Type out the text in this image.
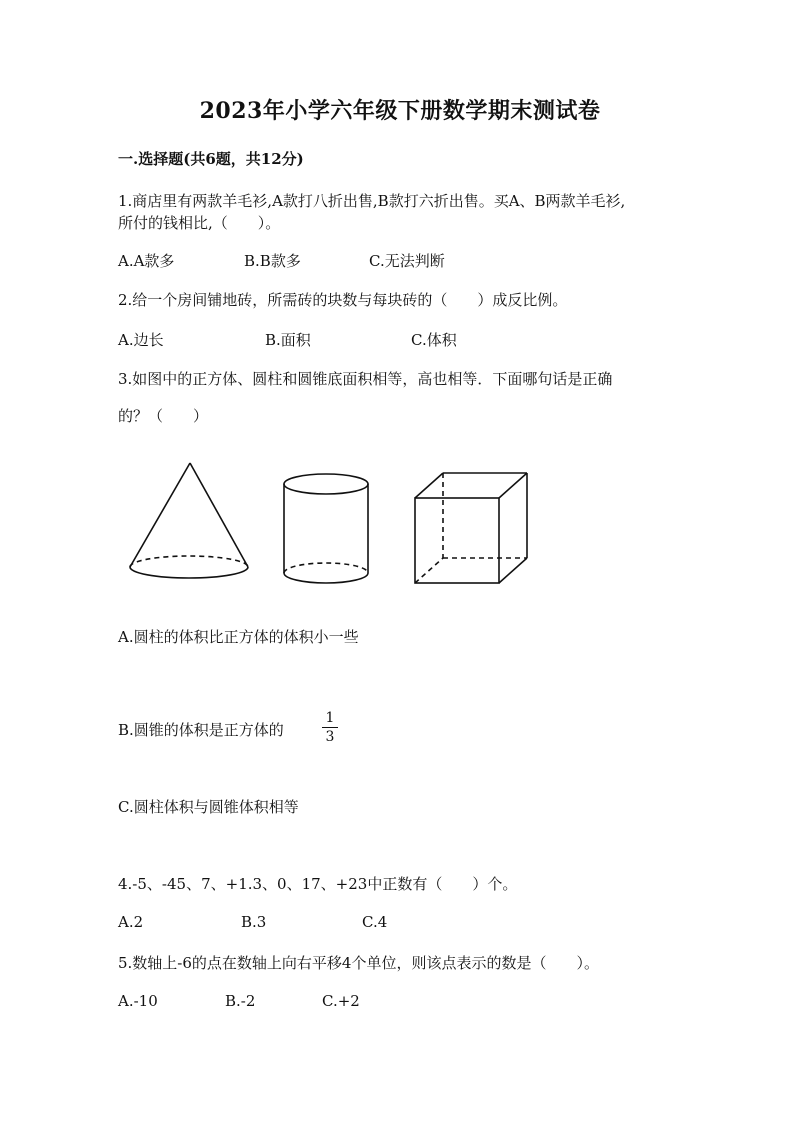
2023年小学六年级下册数学期末测试卷
一.选择题(共6题，共12分)
1.商店里有两款羊毛衫,A款打八折出售,B款打六折出售。买A、B两款羊毛衫,
所付的钱相比,（　　）。
A.A款多	B.B款多	C.无法判断
2.给一个房间铺地砖，所需砖的块数与每块砖的（　　）成反比例。
A.边长	B.面积	C.体积
3.如图中的正方体、圆柱和圆锥底面积相等，高也相等．下面哪句话是正确
的？（　　）
A.圆柱的体积比正方体的体积小一些
B.圆锥的体积是正方体的
1
3
C.圆柱体积与圆锥体积相等
4.-5、-45、7、+1.3、0、17、+23中正数有（　　）个。
A.2	B.3	C.4
5.数轴上-6的点在数轴上向右平移4个单位，则该点表示的数是（　　）。
A.-10	B.-2	C.+2
